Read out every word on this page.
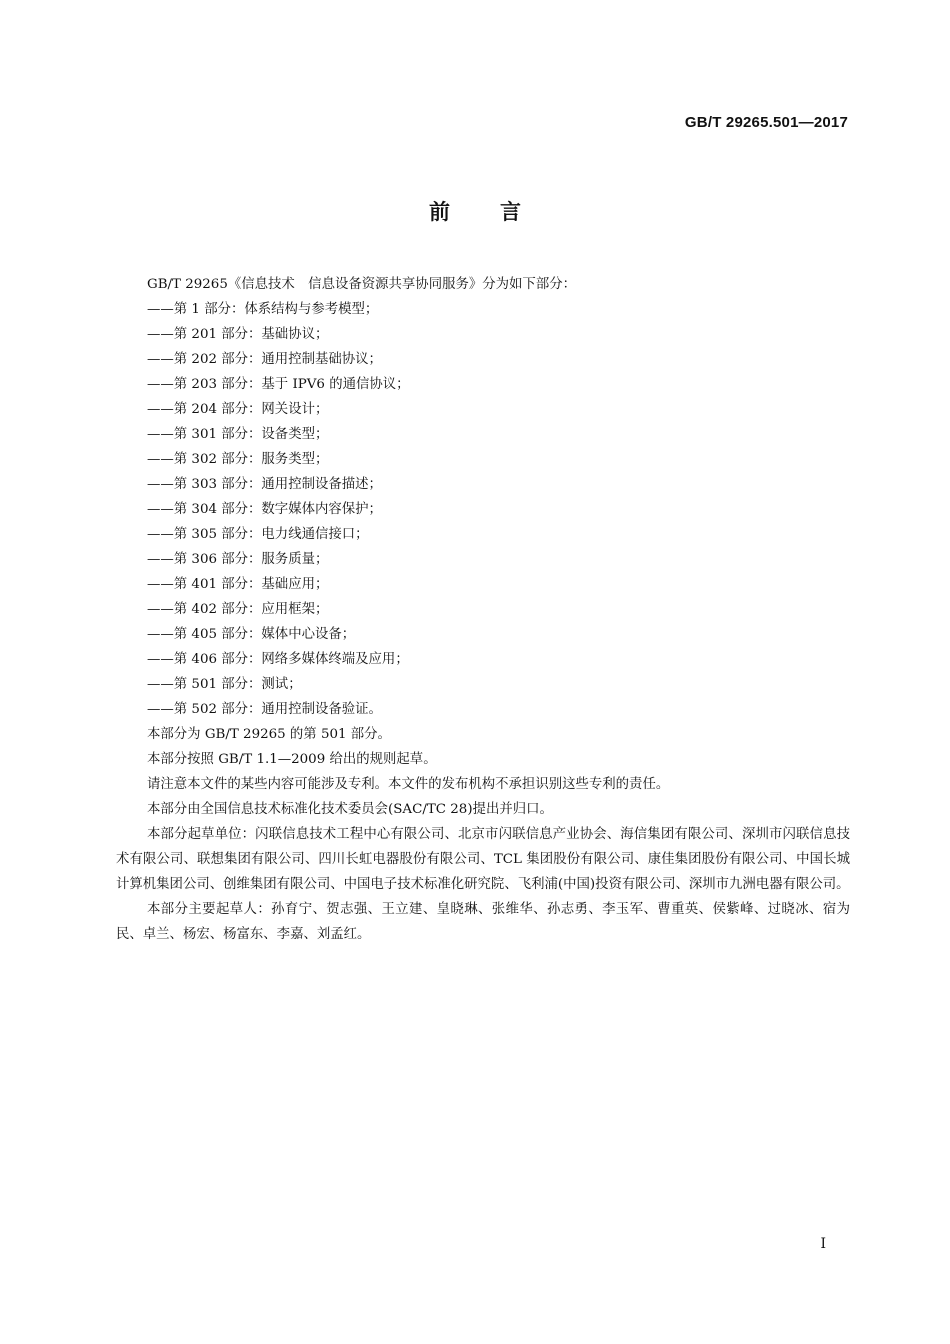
GB/T 29265.501—2017
前 言
GB/T 29265《信息技术　信息设备资源共享协同服务》分为如下部分：
——第 1 部分：体系结构与参考模型；
——第 201 部分：基础协议；
——第 202 部分：通用控制基础协议；
——第 203 部分：基于 IPV6 的通信协议；
——第 204 部分：网关设计；
——第 301 部分：设备类型；
——第 302 部分：服务类型；
——第 303 部分：通用控制设备描述；
——第 304 部分：数字媒体内容保护；
——第 305 部分：电力线通信接口；
——第 306 部分：服务质量；
——第 401 部分：基础应用；
——第 402 部分：应用框架；
——第 405 部分：媒体中心设备；
——第 406 部分：网络多媒体终端及应用；
——第 501 部分：测试；
——第 502 部分：通用控制设备验证。
本部分为 GB/T 29265 的第 501 部分。
本部分按照 GB/T 1.1—2009 给出的规则起草。
请注意本文件的某些内容可能涉及专利。本文件的发布机构不承担识别这些专利的责任。
本部分由全国信息技术标准化技术委员会(SAC/TC 28)提出并归口。
本部分起草单位：闪联信息技术工程中心有限公司、北京市闪联信息产业协会、海信集团有限公司、深圳市闪联信息技术有限公司、联想集团有限公司、四川长虹电器股份有限公司、TCL 集团股份有限公司、康佳集团股份有限公司、中国长城计算机集团公司、创维集团有限公司、中国电子技术标准化研究院、飞利浦(中国)投资有限公司、深圳市九洲电器有限公司。
本部分主要起草人：孙育宁、贺志强、王立建、皇晓琳、张维华、孙志勇、李玉军、曹重英、侯紫峰、过晓冰、宿为民、卓兰、杨宏、杨富东、李嘉、刘孟红。
I
